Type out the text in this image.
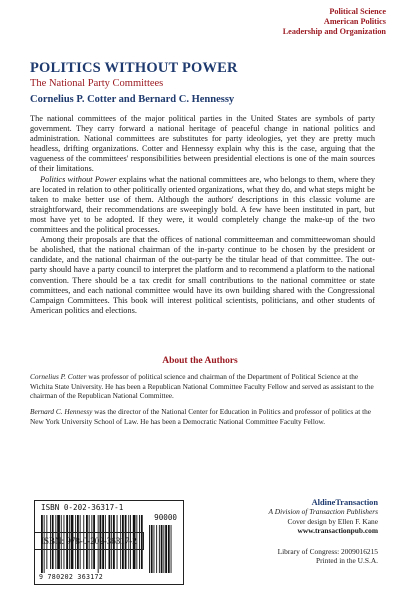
Political Science
American Politics
Leadership and Organization
POLITICS WITHOUT POWER
The National Party Committees
Cornelius P. Cotter and Bernard C. Hennessy

The national committees of the major political parties in the United States are symbols of party government. They carry forward a national heritage of peaceful change in national politics and administration. National committees are substitutes for party ideologies, yet they are pretty much headless, drifting organizations. Cotter and Hennessy explain why this is the case, arguing that the vagueness of the committees' responsibilities between presidential elections is one of the main sources of their limitations.

Politics without Power explains what the national committees are, who belongs to them, where they are located in relation to other politically oriented organizations, what they do, and what steps might be taken to make better use of them. Although the authors' descriptions in this classic volume are straightforward, their recommendations are sweepingly bold. A few have been instituted in part, but most have yet to be adopted. If they were, it would completely change the make-up of the two committees and the political processes.

Among their proposals are that the offices of national committeeman and committeewoman should be abolished, that the national chairman of the in-party continue to be chosen by the president or candidate, and the national chairman of the out-party be the titular head of that committee. The out-party should have a party council to interpret the platform and to recommend a platform to the national convention. There should be a tax credit for small contributions to the national committee or state committees, and each national committee would have its own building shared with the Congressional Campaign Committees. This book will interest political scientists, politicians, and other students of American politics and elections.

About the Authors

Cornelius P. Cotter was professor of political science and chairman of the Department of Political Science at the Wichita State University. He has been a Republican National Committee Faculty Fellow and served as assistant to the chairman of the Republican National Committee.

Bernard C. Hennessy was the director of the National Center for Education in Politics and professor of politics at the New York University School of Law. He has been a Democratic National Committee Faculty Fellow.

ISBN 0-202-36317-1
90000
9 780202 363172
ISBN: 978-0-202-36317-2
AldineTransaction
A Division of Transaction Publishers
Cover design by Ellen F. Kane
www.transactionpub.com
Library of Congress: 2009016215
Printed in the U.S.A.
